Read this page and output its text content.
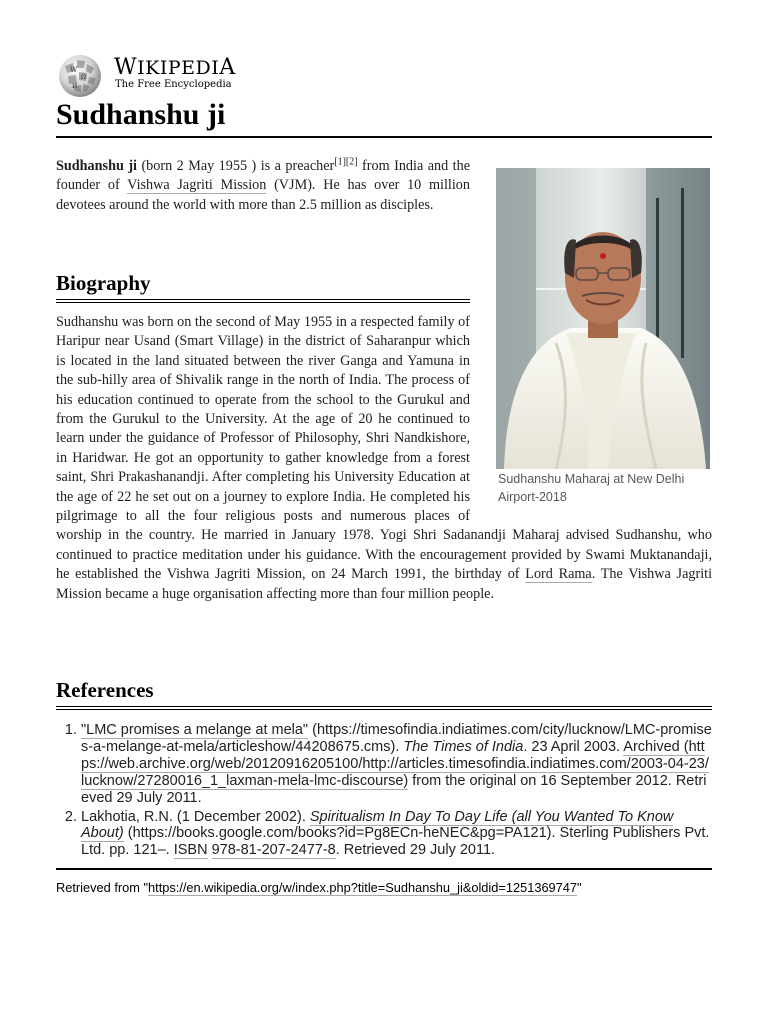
W
Ω
И
WIKIPEDIA
The Free Encyclopedia
Sudhanshu ji
Sudhanshu Maharaj at New Delhi Airport-2018

Sudhanshu ji (born 2 May 1955 ) is a preacher[1][2] from India and the founder of Vishwa Jagriti Mission (VJM). He has over 10 million devotees around the world with more than 2.5 million as disciples.

Biography

Sudhanshu was born on the second of May 1955 in a respected family of Haripur near Usand (Smart Village) in the district of Saharanpur which is located in the land situated between the river Ganga and Yamuna in the sub-hilly area of Shivalik range in the north of India. The process of his education continued to operate from the school to the Gurukul and from the Gurukul to the University. At the age of 20 he continued to learn under the guidance of Professor of Philosophy, Shri Nandkishore, in Haridwar. He got an opportunity to gather knowledge from a forest saint, Shri Prakashanandji. After completing his University Education at the age of 22 he set out on a journey to explore India. He completed his pilgrimage to all the four religious posts and numerous places of worship in the country. He married in January 1978. Yogi Shri Sadanandji Maharaj advised Sudhanshu, who continued to practice meditation under his guidance. With the encouragement provided by Swami Muktanandaji, he established the Vishwa Jagriti Mission, on 24 March 1991, the birthday of Lord Rama. The Vishwa Jagriti Mission became a huge organisation affecting more than four million people.

References
1. "LMC promises a melange at mela" (https://timesofindia.indiatimes.com/city/lucknow/LMC-promises-a-melange-at-mela/articleshow/44208675.cms). The Times of India. 23 April 2003. Archived (https://web.archive.org/web/20120916205100/http://articles.timesofindia.indiatimes.com/2003-04-23/lucknow/27280016_1_laxman-mela-lmc-discourse) from the original on 16 September 2012. Retrieved 29 July 2011.
2. Lakhotia, R.N. (1 December 2002). Spiritualism In Day To Day Life (all You Wanted To Know About) (https://books.google.com/books?id=Pg8ECn-heNEC&pg=PA121). Sterling Publishers Pvt. Ltd. pp. 121–. ISBN 978-81-207-2477-8. Retrieved 29 July 2011.
Retrieved from "https://en.wikipedia.org/w/index.php?title=Sudhanshu_ji&oldid=1251369747"
